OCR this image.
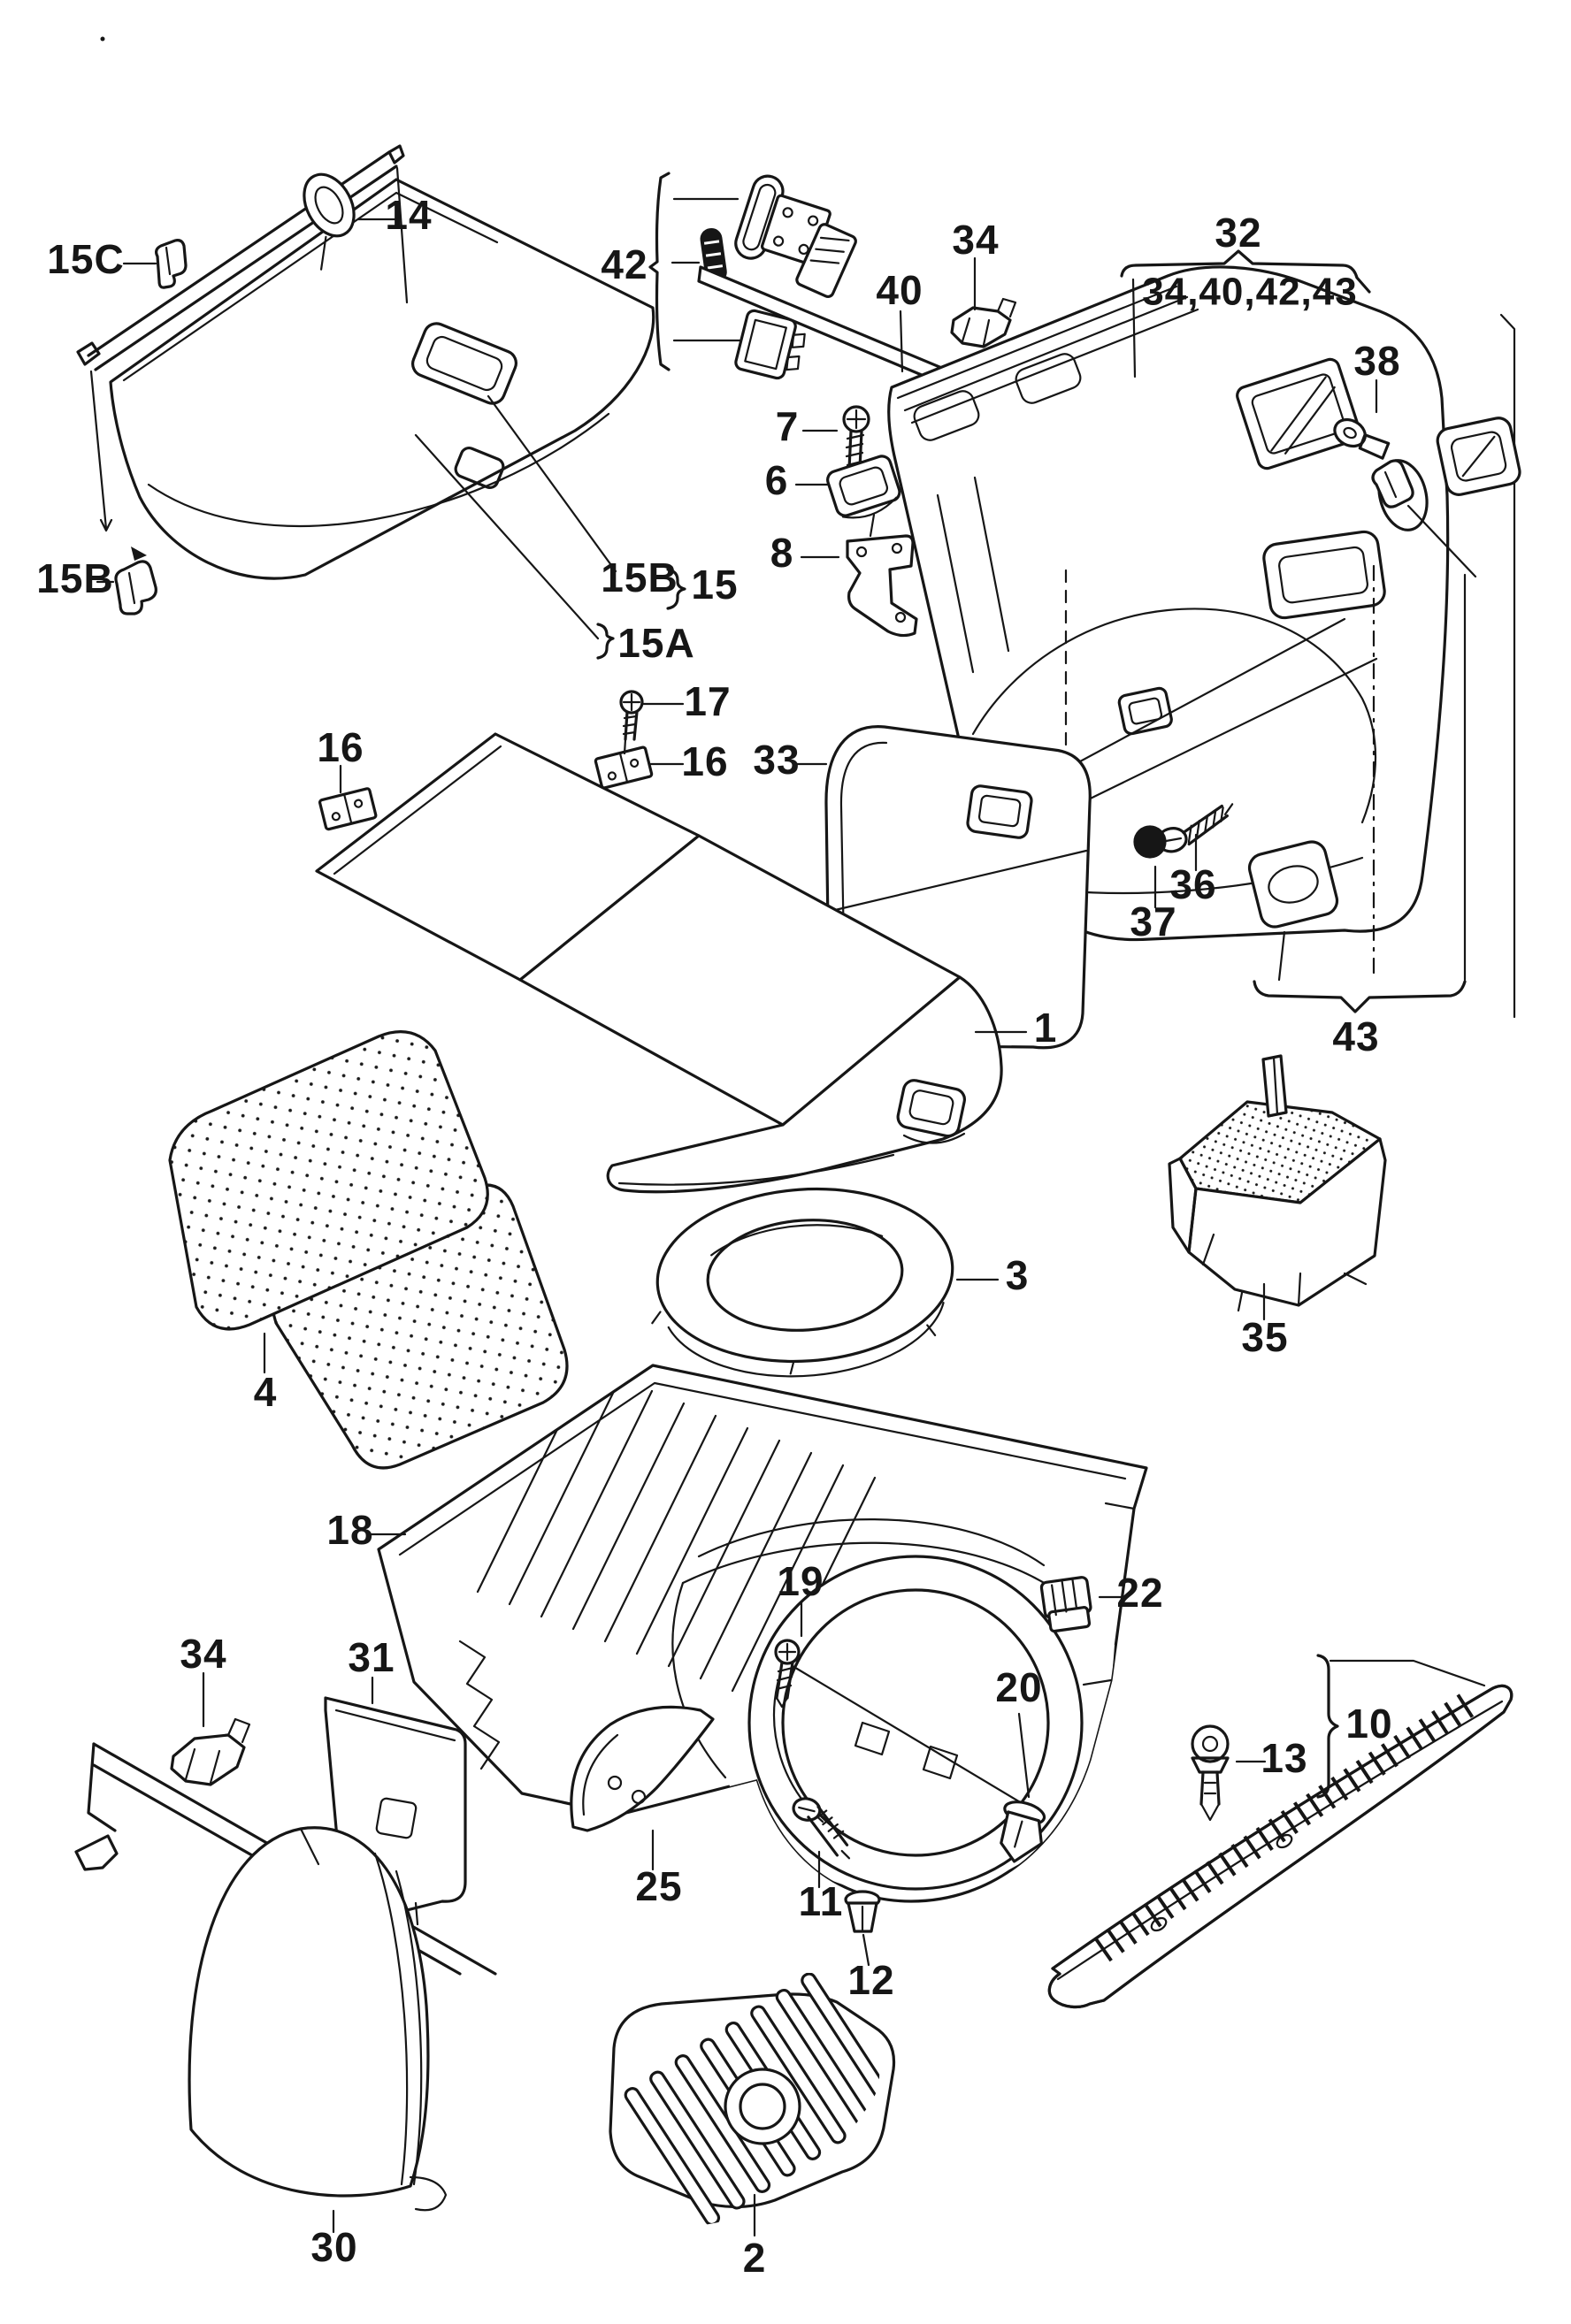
15C
14
42
40
34	32
34,40,42,43
38
7
6
8
15B	15B 15
15A
17
16 33
16
36
37
43
1
4
3
35
18
19	22
20
31
34
13
10
11
12
25
30	2
